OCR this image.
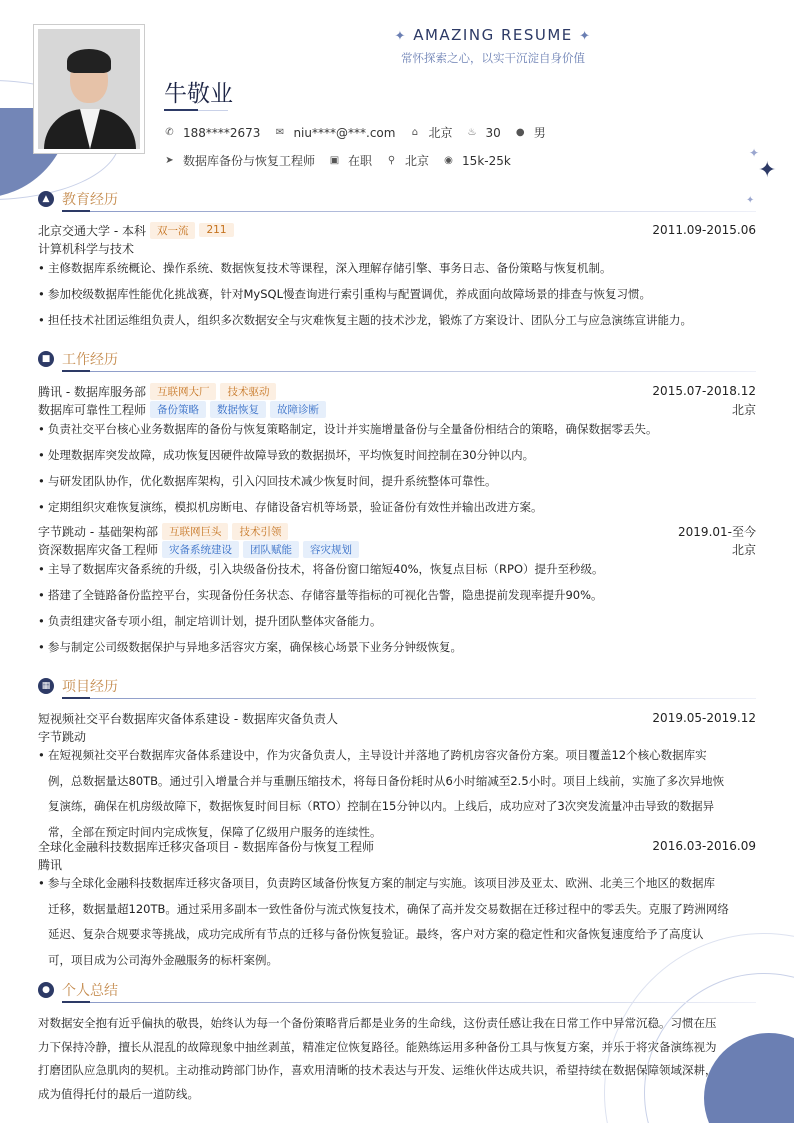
✦
✦
✦
✦ AMAZING RESUME ✦
常怀探索之心，以实干沉淀自身价值
牛敬业
✆ 188****2673 ✉ niu****@***.com ⌂ 北京 ♨ 30 ● 男
➤ 数据库备份与恢复工程师 ▣ 在职 ⚲ 北京 ◉ 15k-25k
▲ 教育经历
北京交通大学 - 本科	双一流	211	2011.09-2015.06
计算机科学与技术
• 主修数据库系统概论、操作系统、数据恢复技术等课程，深入理解存储引擎、事务日志、备份策略与恢复机制。
• 参加校级数据库性能优化挑战赛，针对MySQL慢查询进行索引重构与配置调优，养成面向故障场景的排查与恢复习惯。
• 担任技术社团运维组负责人，组织多次数据安全与灾难恢复主题的技术沙龙，锻炼了方案设计、团队分工与应急演练宣讲能力。
■ 工作经历
腾讯 - 数据库服务部	互联网大厂	技术驱动	2015.07-2018.12
数据库可靠性工程师	备份策略	数据恢复	故障诊断	北京
• 负责社交平台核心业务数据库的备份与恢复策略制定，设计并实施增量备份与全量备份相结合的策略，确保数据零丢失。
• 处理数据库突发故障，成功恢复因硬件故障导致的数据损坏，平均恢复时间控制在30分钟以内。
• 与研发团队协作，优化数据库架构，引入闪回技术减少恢复时间，提升系统整体可靠性。
• 定期组织灾难恢复演练，模拟机房断电、存储设备宕机等场景，验证备份有效性并输出改进方案。
字节跳动 - 基础架构部	互联网巨头	技术引领	2019.01-至今
资深数据库灾备工程师	灾备系统建设	团队赋能	容灾规划	北京
• 主导了数据库灾备系统的升级，引入块级备份技术，将备份窗口缩短40%，恢复点目标（RPO）提升至秒级。
• 搭建了全链路备份监控平台，实现备份任务状态、存储容量等指标的可视化告警，隐患提前发现率提升90%。
• 负责组建灾备专项小组，制定培训计划，提升团队整体灾备能力。
• 参与制定公司级数据保护与异地多活容灾方案，确保核心场景下业务分钟级恢复。
▦ 项目经历
短视频社交平台数据库灾备体系建设 - 数据库灾备负责人	2019.05-2019.12
字节跳动
• 在短视频社交平台数据库灾备体系建设中，作为灾备负责人，主导设计并落地了跨机房容灾备份方案。项目覆盖12个核心数据库实
例，总数据量达80TB。通过引入增量合并与重删压缩技术，将每日备份耗时从6小时缩减至2.5小时。项目上线前，实施了多次异地恢
复演练，确保在机房级故障下，数据恢复时间目标（RTO）控制在15分钟以内。上线后，成功应对了3次突发流量冲击导致的数据异
常，全部在预定时间内完成恢复，保障了亿级用户服务的连续性。
全球化金融科技数据库迁移灾备项目 - 数据库备份与恢复工程师	2016.03-2016.09
腾讯
• 参与全球化金融科技数据库迁移灾备项目，负责跨区域备份恢复方案的制定与实施。该项目涉及亚太、欧洲、北美三个地区的数据库
迁移，数据量超120TB。通过采用多副本一致性备份与流式恢复技术，确保了高并发交易数据在迁移过程中的零丢失。克服了跨洲网络
延迟、复杂合规要求等挑战，成功完成所有节点的迁移与备份恢复验证。最终，客户对方案的稳定性和灾备恢复速度给予了高度认
可，项目成为公司海外金融服务的标杆案例。
● 个人总结
对数据安全抱有近乎偏执的敬畏，始终认为每一个备份策略背后都是业务的生命线，这份责任感让我在日常工作中异常沉稳。习惯在压
力下保持冷静，擅长从混乱的故障现象中抽丝剥茧，精准定位恢复路径。能熟练运用多种备份工具与恢复方案，并乐于将灾备演练视为
打磨团队应急肌肉的契机。主动推动跨部门协作，喜欢用清晰的技术表达与开发、运维伙伴达成共识，希望持续在数据保障领域深耕，
成为值得托付的最后一道防线。
